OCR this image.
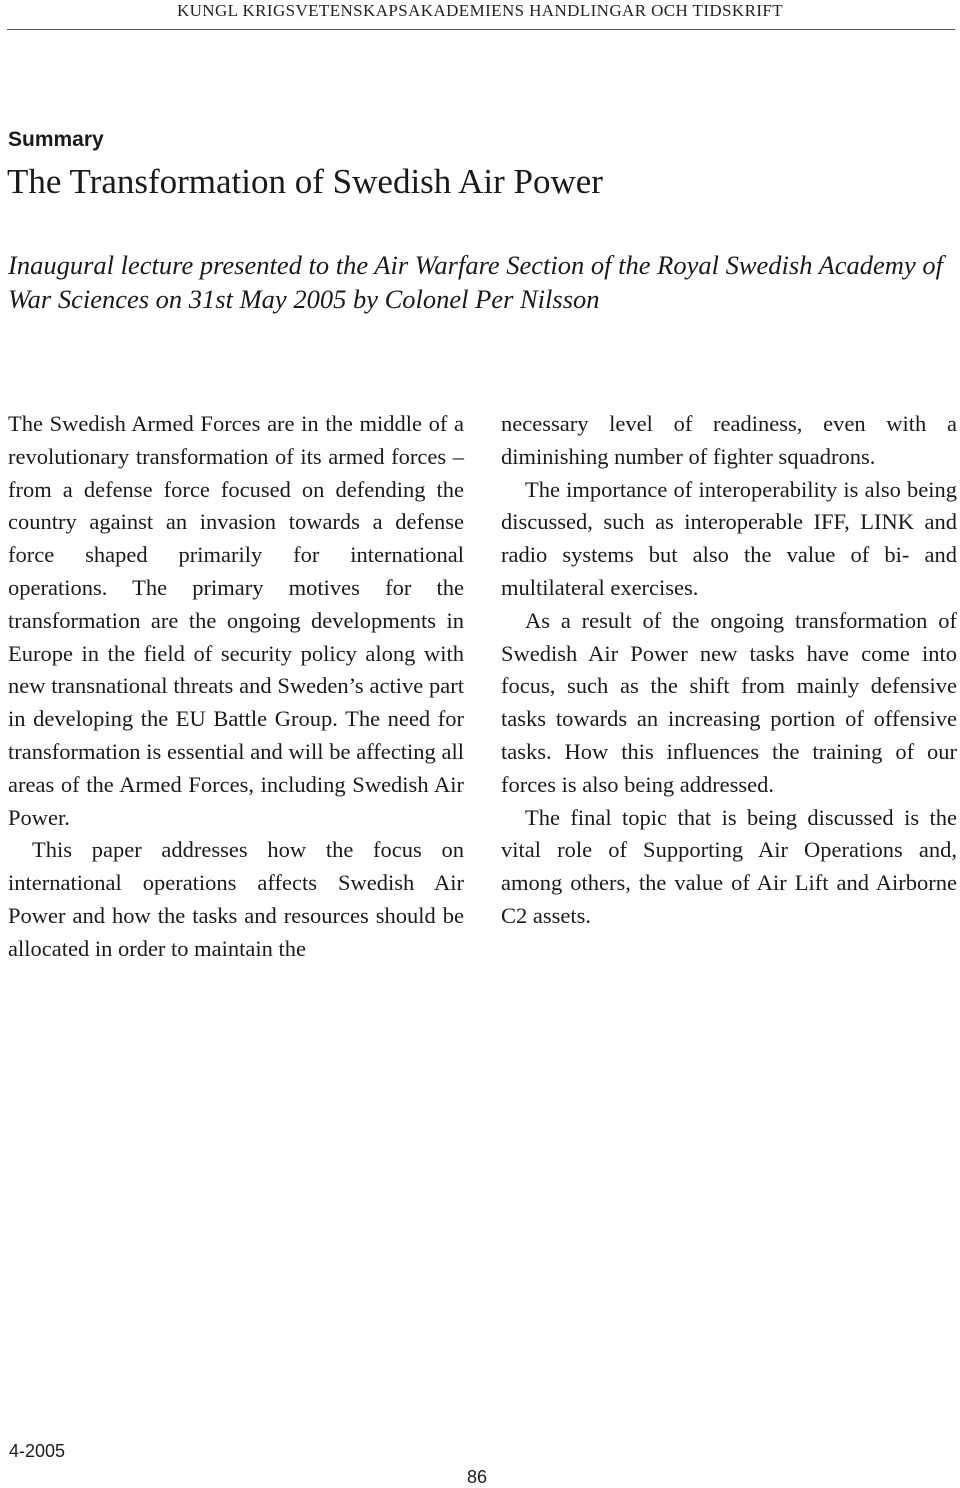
KUNGL KRIGSVETENSKAPSAKADEMIENS HANDLINGAR OCH TIDSKRIFT
Summary
The Transformation of Swedish Air Power
Inaugural lecture presented to the Air Warfare Section of the Royal Swedish Academy of War Sciences on 31st May 2005 by Colonel Per Nilsson

The Swedish Armed Forces are in the middle of a revolutionary transformation of its armed forces – from a defense force focused on defending the country against an invasion towards a defense force shaped primarily for international operations. The primary motives for the transformation are the ongoing developments in Europe in the field of security policy along with new transnational threats and Sweden’s active part in developing the EU Battle Group. The need for transformation is essential and will be affecting all areas of the Armed Forces, including Swedish Air Power.

This paper addresses how the focus on international operations affects Swedish Air Power and how the tasks and resources should be allocated in order to maintain the

necessary level of readiness, even with a diminishing number of fighter squadrons.

The importance of interoperability is also being discussed, such as interoperable IFF, LINK and radio systems but also the value of bi- and multilateral exercises.

As a result of the ongoing transformation of Swedish Air Power new tasks have come into focus, such as the shift from mainly defensive tasks towards an increasing portion of offensive tasks. How this influences the training of our forces is also being addressed.

The final topic that is being discussed is the vital role of Supporting Air Operations and, among others, the value of Air Lift and Airborne C2 assets.

4-2005
86
